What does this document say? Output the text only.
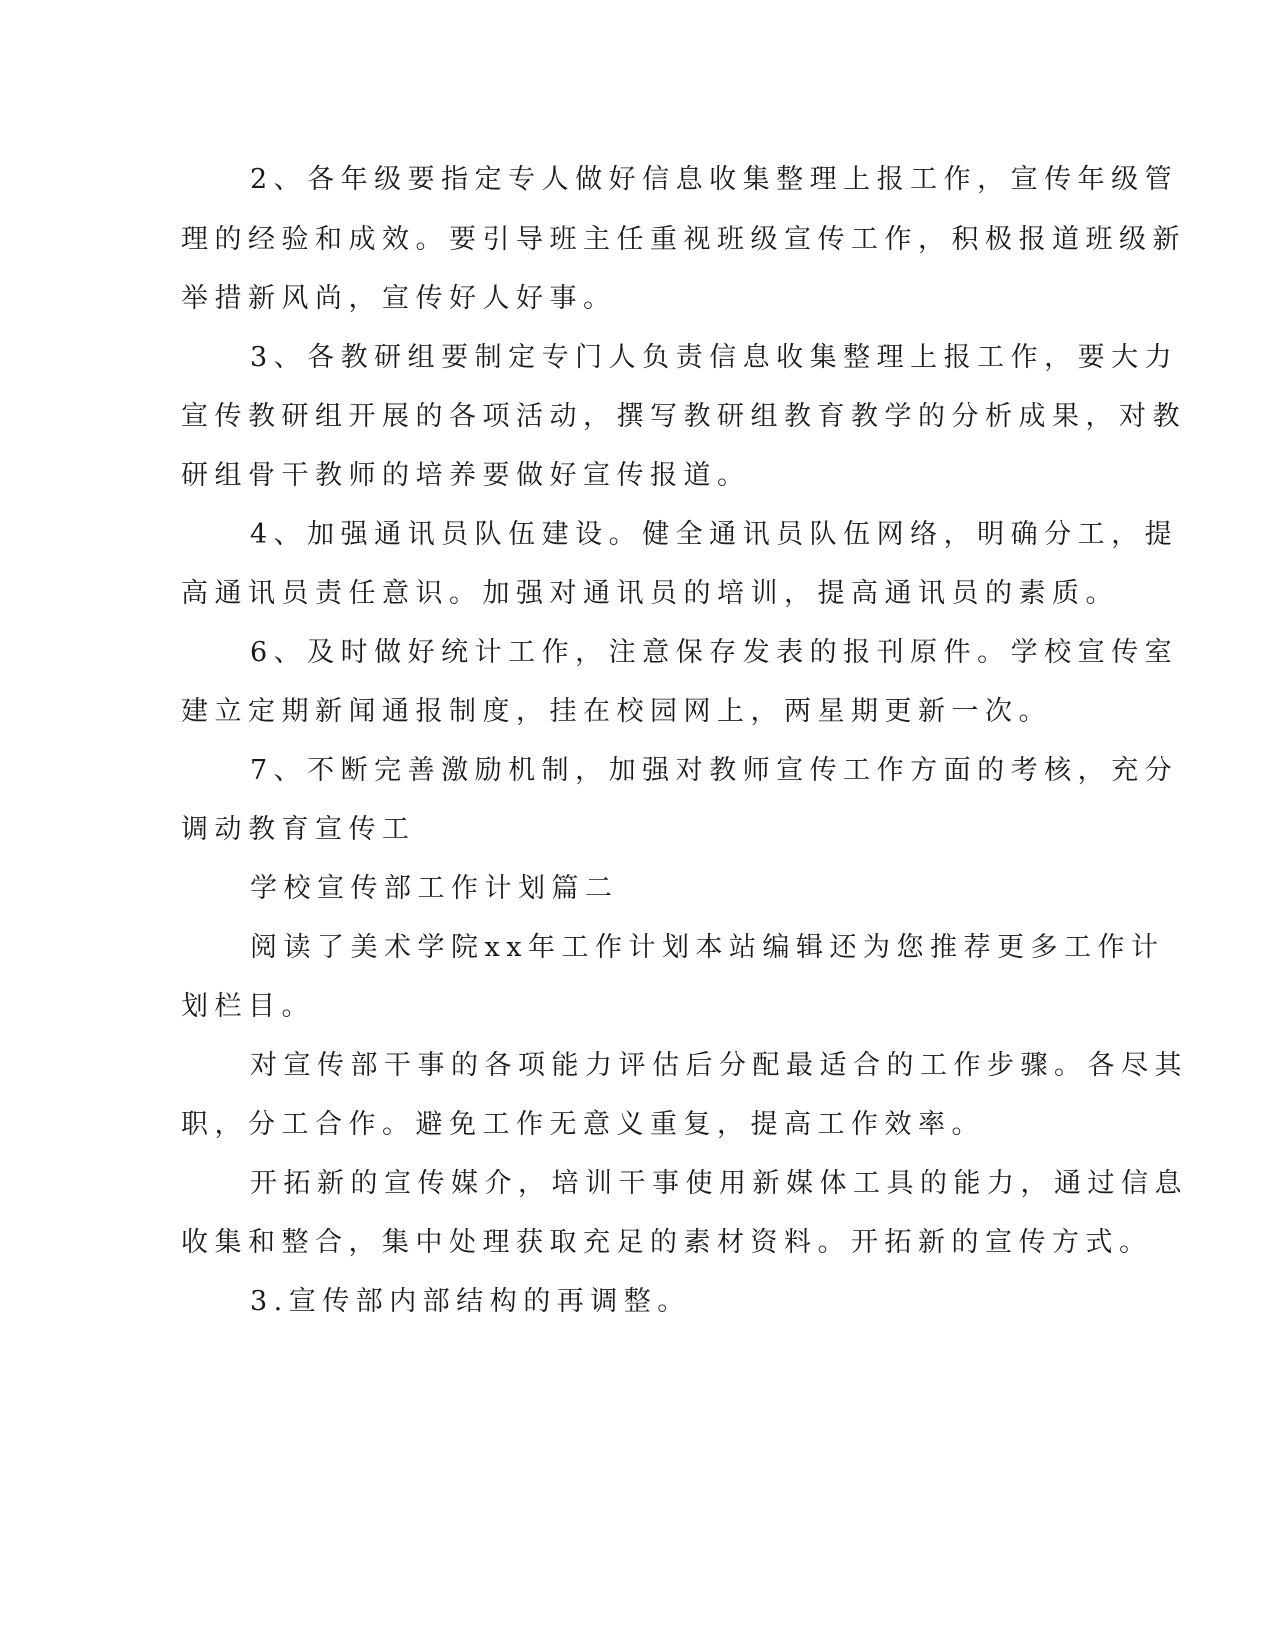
2、各年级要指定专人做好信息收集整理上报工作，宣传年级管

理的经验和成效。要引导班主任重视班级宣传工作，积极报道班级新

举措新风尚，宣传好人好事。

3、各教研组要制定专门人负责信息收集整理上报工作，要大力

宣传教研组开展的各项活动，撰写教研组教育教学的分析成果，对教

研组骨干教师的培养要做好宣传报道。

4、加强通讯员队伍建设。健全通讯员队伍网络，明确分工，提

高通讯员责任意识。加强对通讯员的培训，提高通讯员的素质。

6、及时做好统计工作，注意保存发表的报刊原件。学校宣传室

建立定期新闻通报制度，挂在校园网上，两星期更新一次。

7、不断完善激励机制，加强对教师宣传工作方面的考核，充分

调动教育宣传工

学校宣传部工作计划篇二

阅读了美术学院xx年工作计划本站编辑还为您推荐更多工作计

划栏目。

对宣传部干事的各项能力评估后分配最适合的工作步骤。各尽其

职，分工合作。避免工作无意义重复，提高工作效率。

开拓新的宣传媒介，培训干事使用新媒体工具的能力，通过信息

收集和整合，集中处理获取充足的素材资料。开拓新的宣传方式。

3.宣传部内部结构的再调整。
